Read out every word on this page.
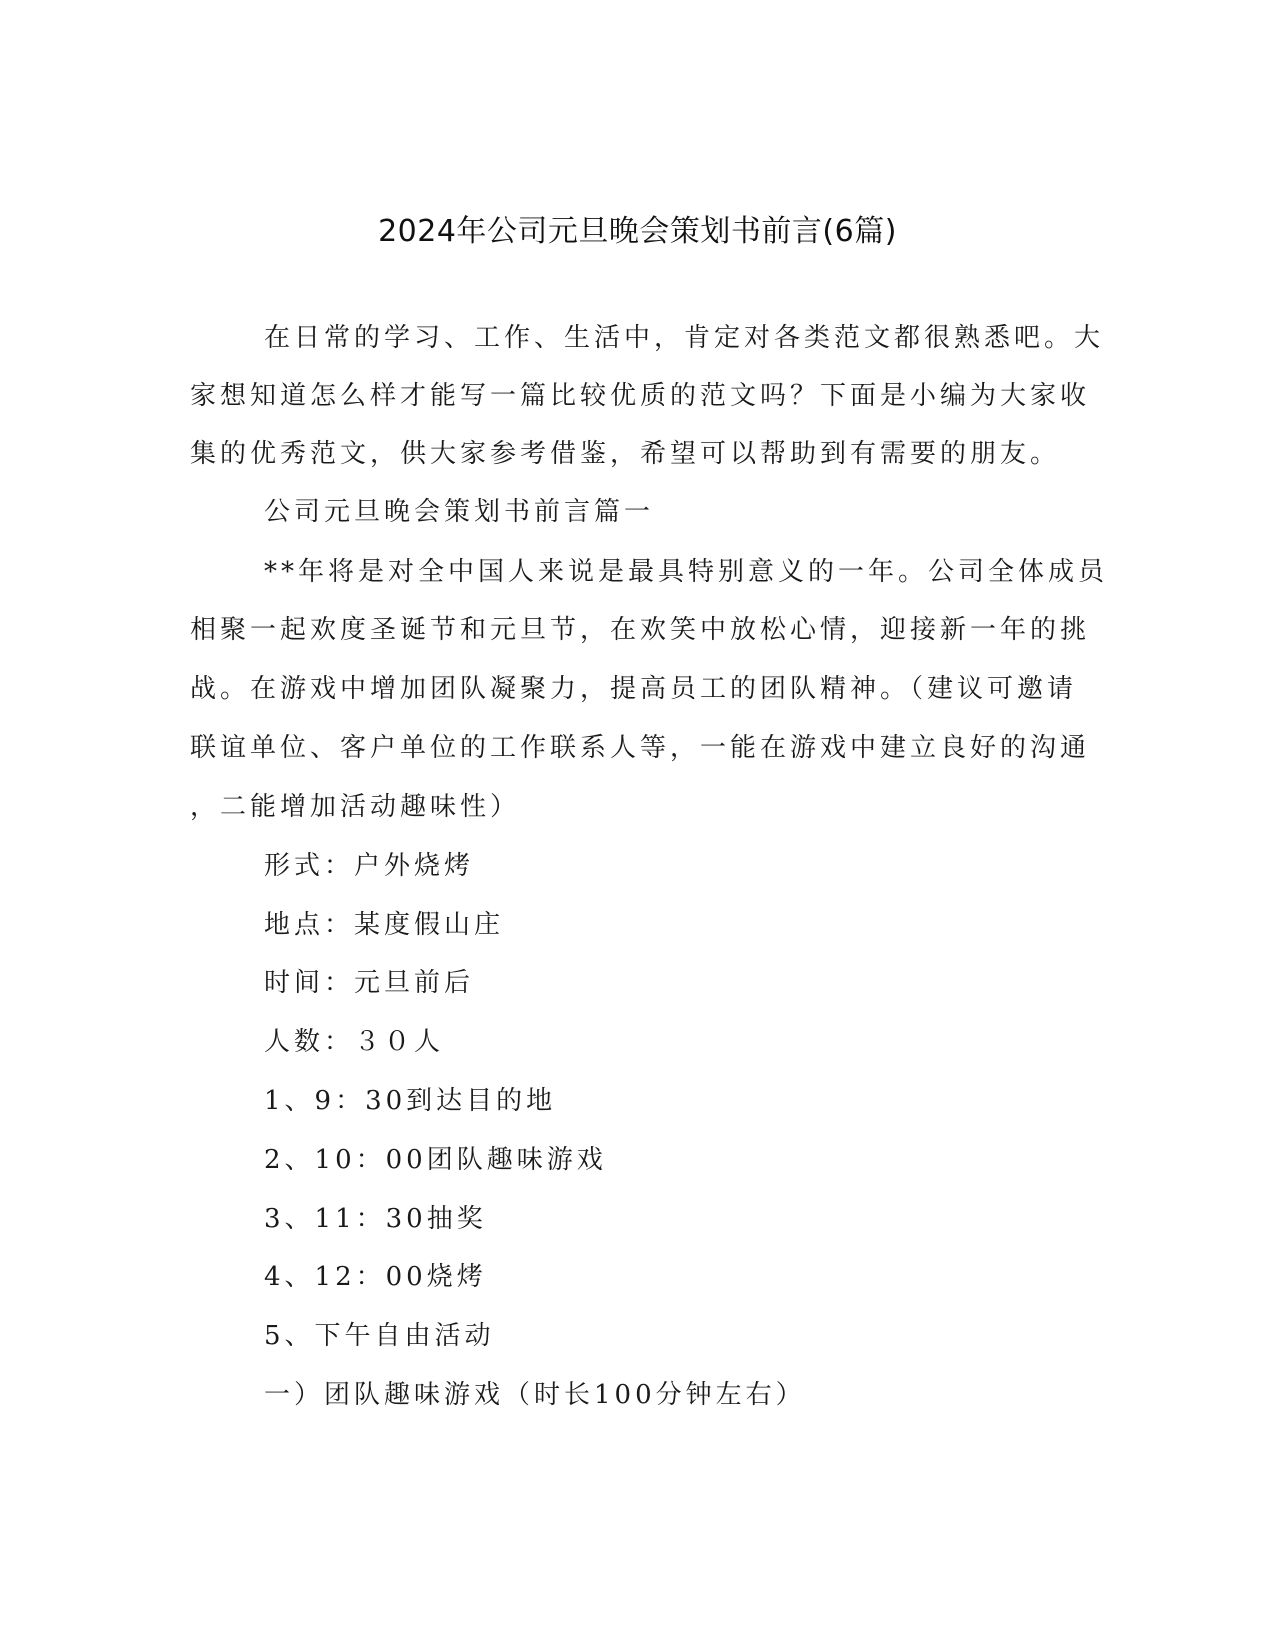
2024年公司元旦晚会策划书前言(6篇)
在日常的学习、工作、生活中，肯定对各类范文都很熟悉吧。大
家想知道怎么样才能写一篇比较优质的范文吗？下面是小编为大家收
集的优秀范文，供大家参考借鉴，希望可以帮助到有需要的朋友。
公司元旦晚会策划书前言篇一
**年将是对全中国人来说是最具特别意义的一年。公司全体成员
相聚一起欢度圣诞节和元旦节，在欢笑中放松心情，迎接新一年的挑
战。在游戏中增加团队凝聚力，提高员工的团队精神。（建议可邀请
联谊单位、客户单位的工作联系人等，一能在游戏中建立良好的沟通
，二能增加活动趣味性）
形式：户外烧烤
地点：某度假山庄
时间：元旦前后
人数：３０人
1、9：30到达目的地
2、10：00团队趣味游戏
3、11：30抽奖
4、12：00烧烤
5、下午自由活动
一）团队趣味游戏（时长100分钟左右）
